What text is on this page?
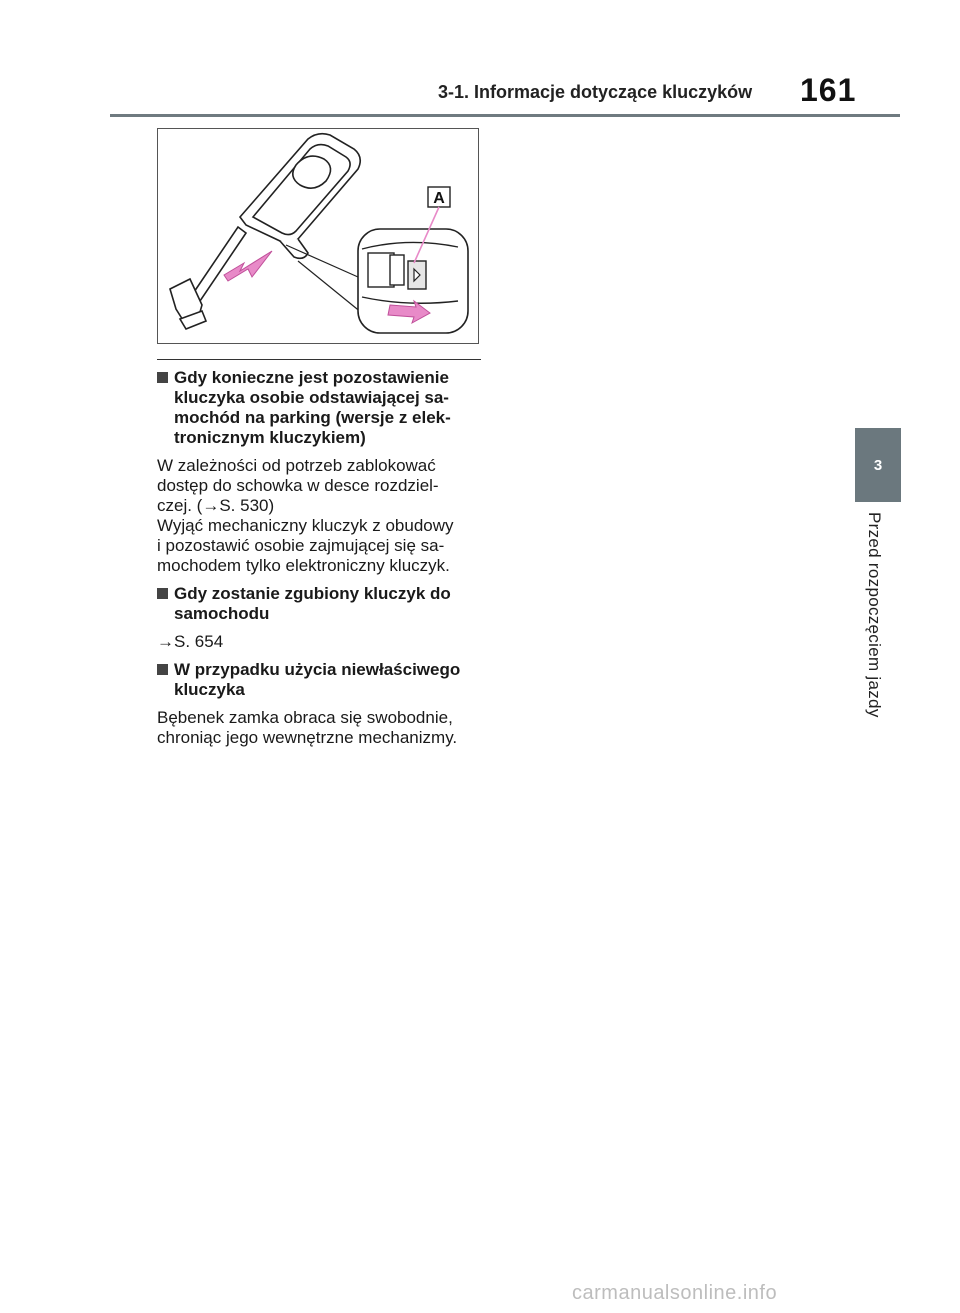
3-1. Informacje dotyczące kluczyków 161
A
Gdy konieczne jest pozostawienie
kluczyka osobie odstawiającej sa-
mochód na parking (wersje z elek-
tronicznym kluczykiem)
W zależności od potrzeb zablokować
dostęp do schowka w desce rozdziel-
czej. (→S. 530)
Wyjąć mechaniczny kluczyk z obudowy
i pozostawić osobie zajmującej się sa-
mochodem tylko elektroniczny kluczyk.
Gdy zostanie zgubiony kluczyk do
samochodu
→S. 654
W przypadku użycia niewłaściwego
kluczyka
Bębenek zamka obraca się swobodnie,
chroniąc jego wewnętrzne mechanizmy.
3
Przed rozpoczęciem jazdy
carmanualsonline.info
